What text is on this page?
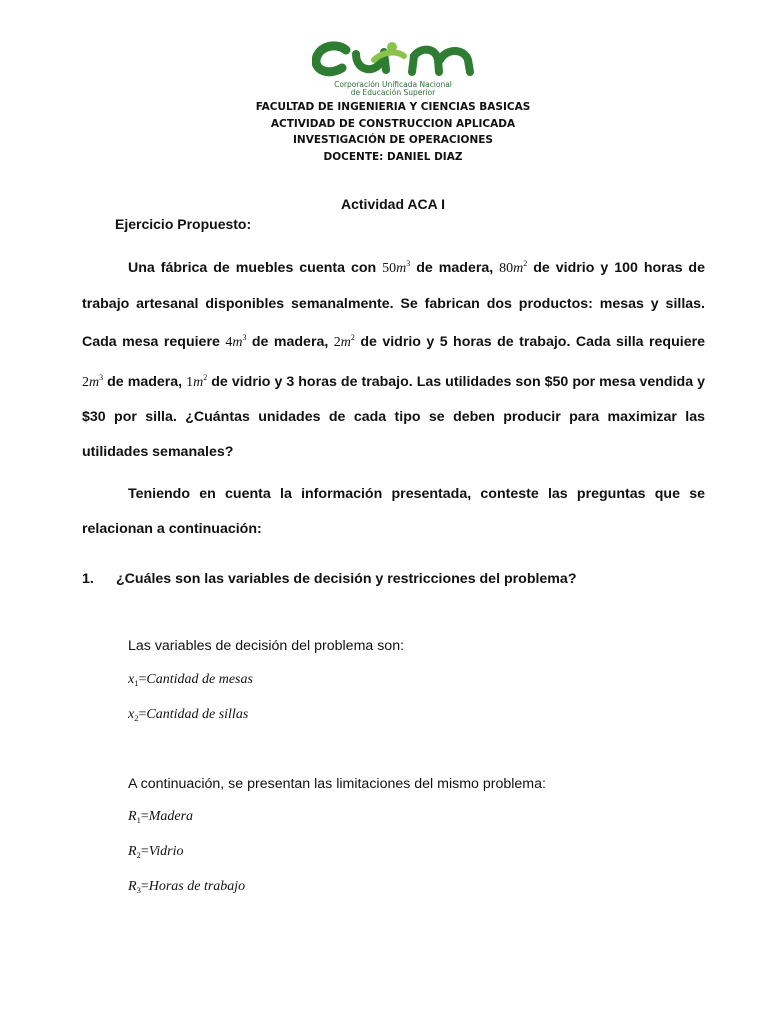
Corporación Unificada Nacional
de Educación Superior
FACULTAD DE INGENIERIA Y CIENCIAS BASICAS
ACTIVIDAD DE CONSTRUCCION APLICADA
INVESTIGACIÓN DE OPERACIONES
DOCENTE: DANIEL DIAZ
Actividad ACA I
Ejercicio Propuesto:

Una fábrica de muebles cuenta con $50m^3$ de madera, $80m^2$ de vidrio y 100 horas de trabajo artesanal disponibles semanalmente. Se fabrican dos productos: mesas y sillas. Cada mesa requiere $4m^3$ de madera, $2m^2$ de vidrio y 5 horas de trabajo. Cada silla requiere $2m^3$ de madera, $1m^2$ de vidrio y 3 horas de trabajo. Las utilidades son $50 por mesa vendida y $30 por silla. ¿Cuántas unidades de cada tipo se deben producir para maximizar las utilidades semanales?

Teniendo en cuenta la información presentada, conteste las preguntas que se relacionan a continuación:

1. ¿Cuáles son las variables de decisión y restricciones del problema?
Las variables de decisión del problema son:
$x_1=Cantidad$ de mesas
$x_2=Cantidad$ de sillas
A continuación, se presentan las limitaciones del mismo problema:
$R_1=Madera$
$R_2=Vidrio$
$R_3=Horas$ de trabajo
